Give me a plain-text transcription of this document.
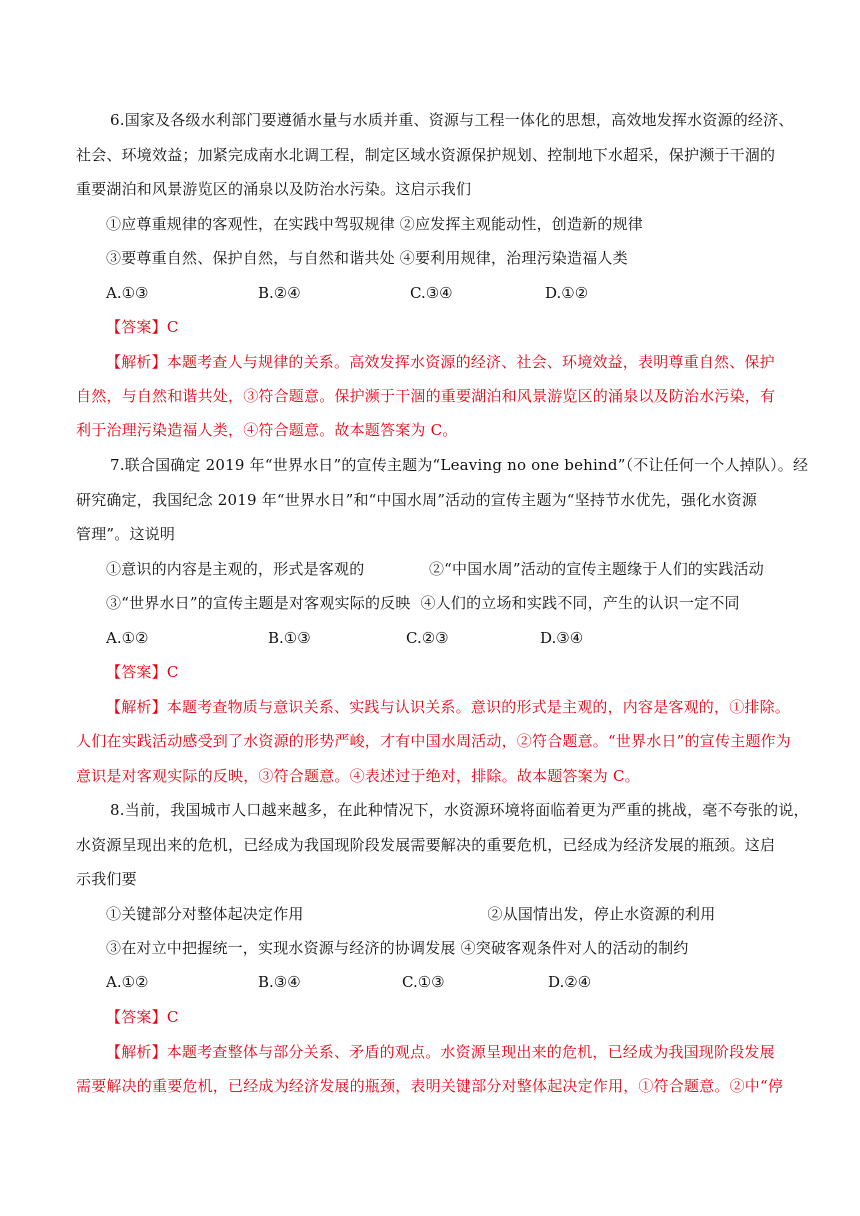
6.国家及各级水利部门要遵循水量与水质并重、资源与工程一体化的思想，高效地发挥水资源的经济、
社会、环境效益；加紧完成南水北调工程，制定区域水资源保护规划、控制地下水超采，保护濒于干涸的
重要湖泊和风景游览区的涌泉以及防治水污染。这启示我们
①应尊重规律的客观性，在实践中驾驭规律 ②应发挥主观能动性，创造新的规律
③要尊重自然、保护自然，与自然和谐共处 ④要利用规律，治理污染造福人类
A.①③	B.②④	C.③④	D.①②
【答案】C
【解析】本题考查人与规律的关系。高效发挥水资源的经济、社会、环境效益，表明尊重自然、保护
自然，与自然和谐共处，③符合题意。保护濒于干涸的重要湖泊和风景游览区的涌泉以及防治水污染，有
利于治理污染造福人类，④符合题意。故本题答案为 C。
7.联合国确定 2019 年“世界水日”的宣传主题为“Leaving no one behind”（不让任何一个人掉队）。经
研究确定，我国纪念 2019 年“世界水日”和“中国水周”活动的宣传主题为“坚持节水优先，强化水资源
管理”。这说明
①意识的内容是主观的，形式是客观的             ②“中国水周”活动的宣传主题缘于人们的实践活动
③“世界水日”的宣传主题是对客观实际的反映  ④人们的立场和实践不同，产生的认识一定不同
A.①②	B.①③	C.②③	D.③④
【答案】C
【解析】本题考查物质与意识关系、实践与认识关系。意识的形式是主观的，内容是客观的，①排除。
人们在实践活动感受到了水资源的形势严峻，才有中国水周活动，②符合题意。“世界水日”的宣传主题作为
意识是对客观实际的反映，③符合题意。④表述过于绝对，排除。故本题答案为 C。
8.当前，我国城市人口越来越多，在此种情况下，水资源环境将面临着更为严重的挑战，毫不夸张的说，
水资源呈现出来的危机，已经成为我国现阶段发展需要解决的重要危机，已经成为经济发展的瓶颈。这启
示我们要
①关键部分对整体起决定作用                                     ②从国情出发，停止水资源的利用
③在对立中把握统一，实现水资源与经济的协调发展 ④突破客观条件对人的活动的制约
A.①②	B.③④	C.①③	D.②④
【答案】C
【解析】本题考查整体与部分关系、矛盾的观点。水资源呈现出来的危机，已经成为我国现阶段发展
需要解决的重要危机，已经成为经济发展的瓶颈，表明关键部分对整体起决定作用，①符合题意。②中“停
